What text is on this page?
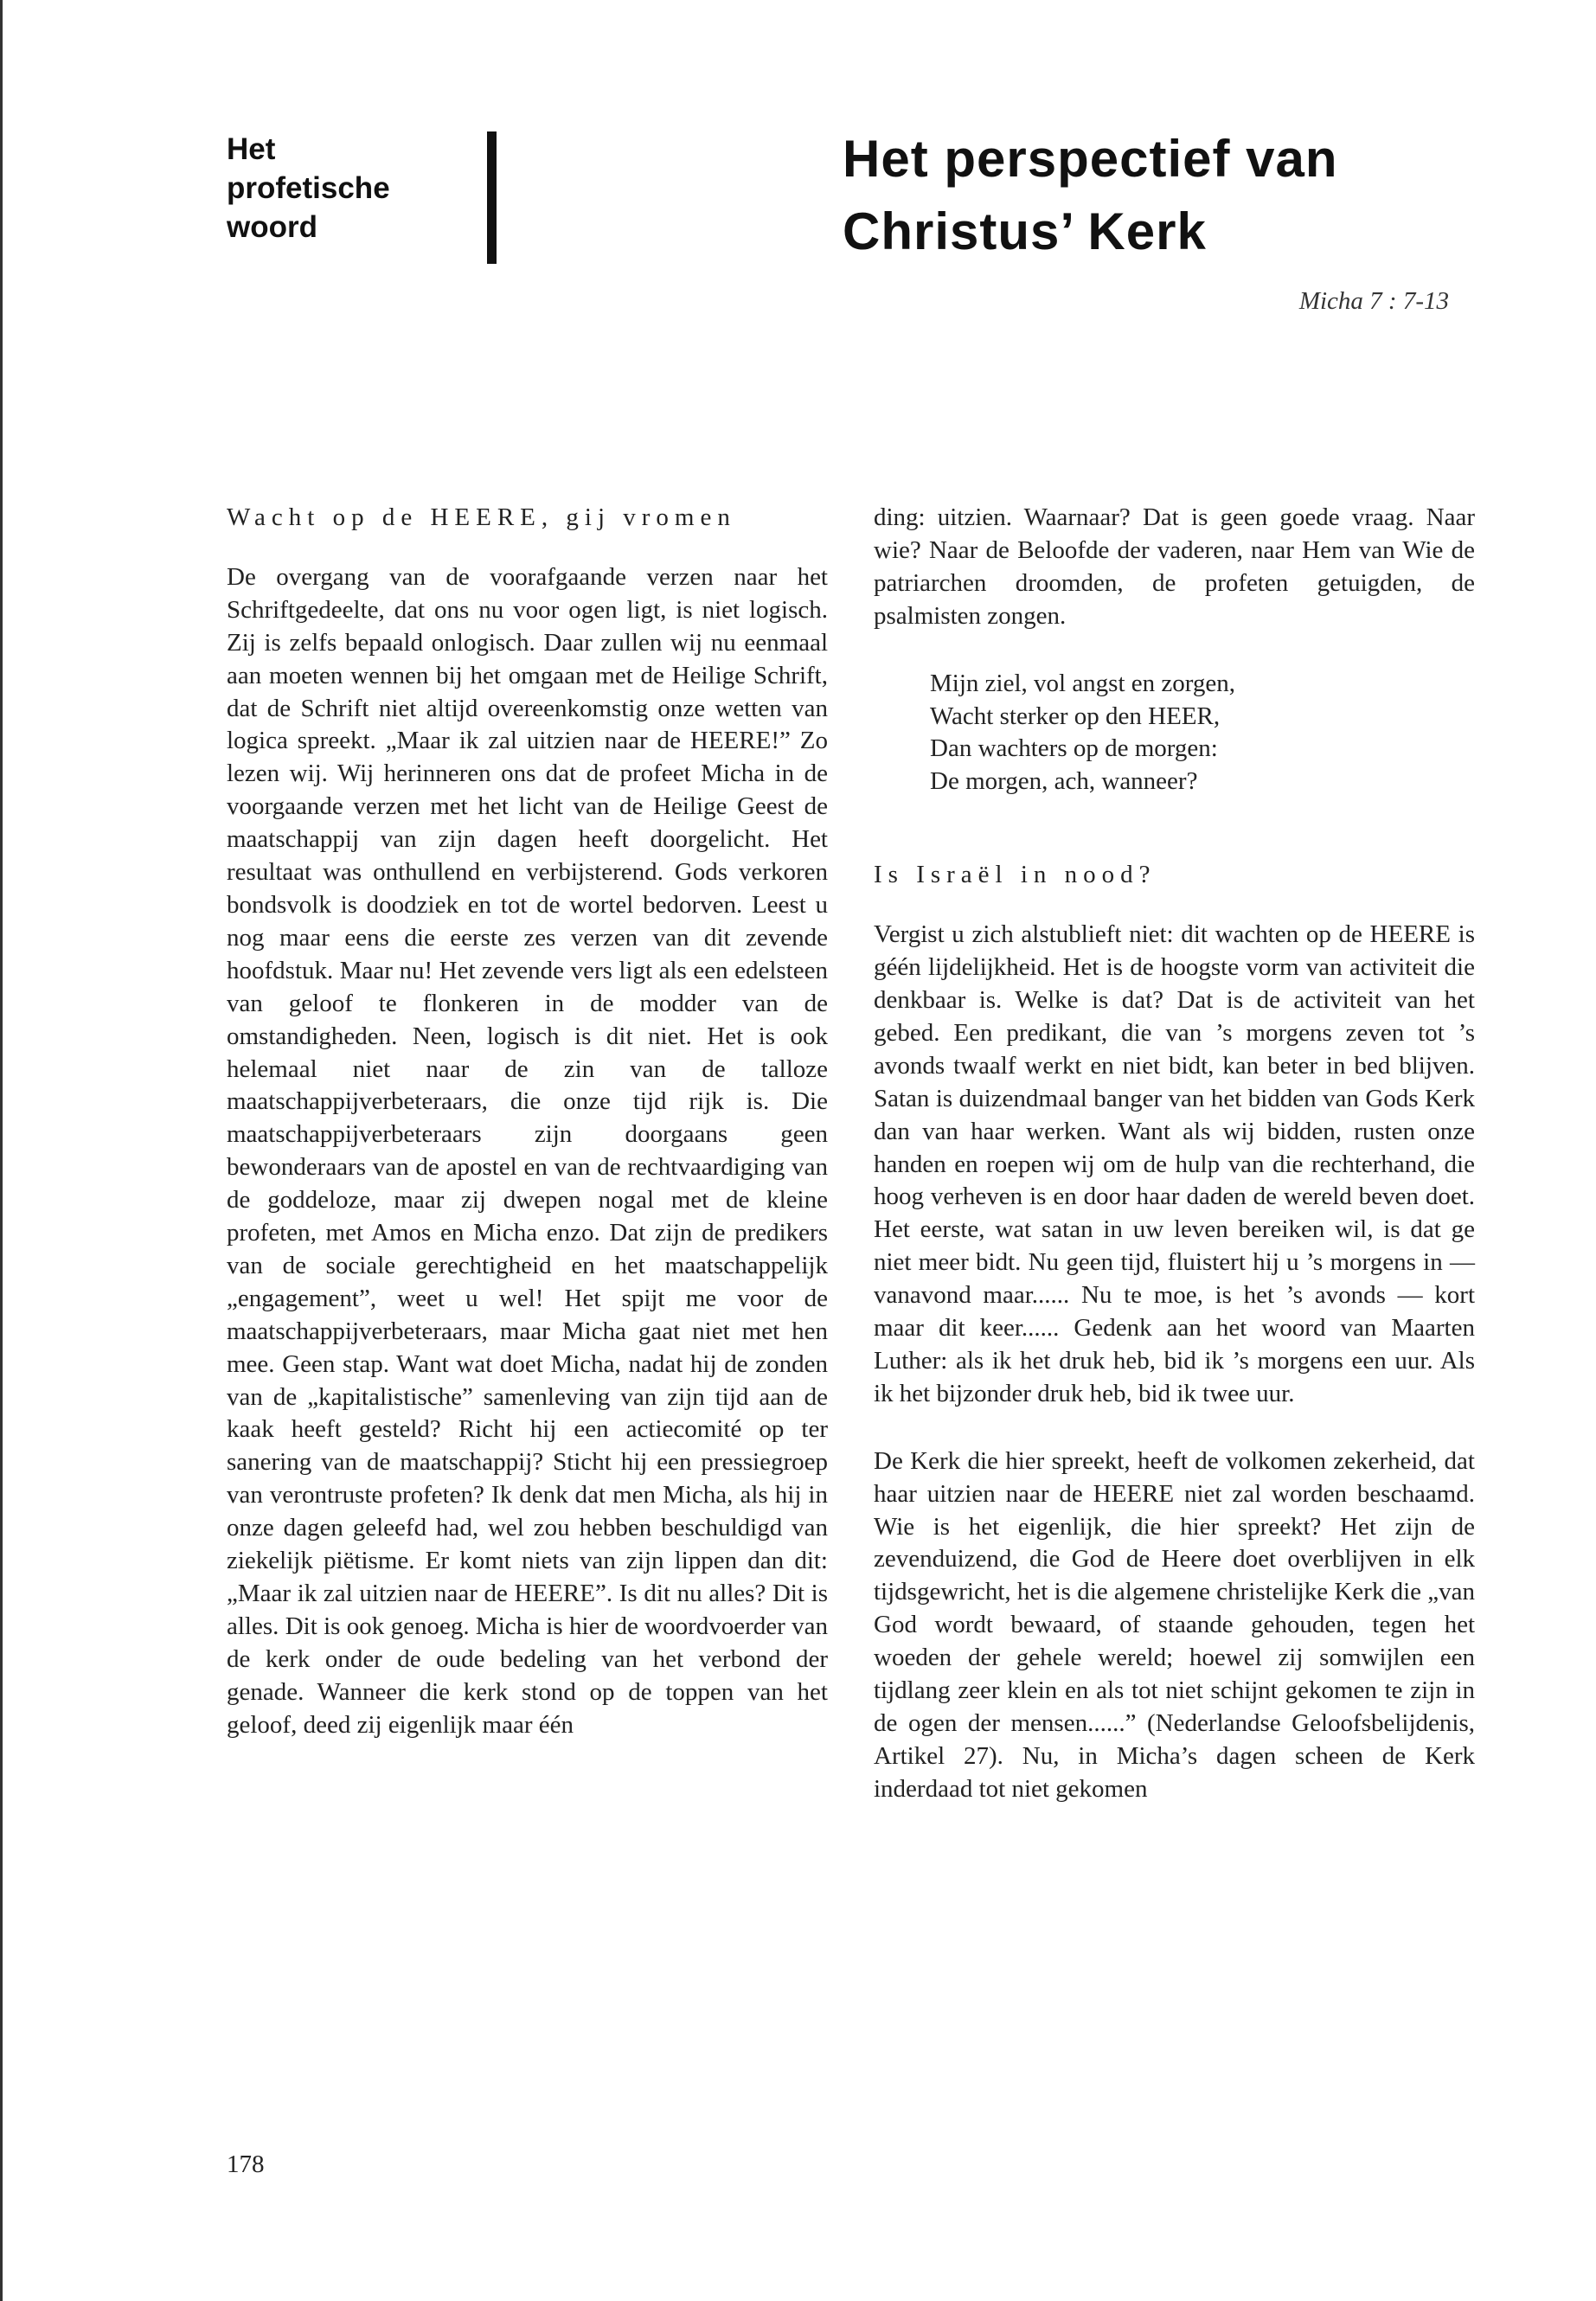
Het
profetische
woord
Het perspectief van
Christus’ Kerk
Micha 7 : 7-13
Wacht op de HEERE, gij vromen

De overgang van de voorafgaande verzen naar het Schriftgedeelte, dat ons nu voor ogen ligt, is niet logisch. Zij is zelfs bepaald onlogisch. Daar zullen wij nu eenmaal aan moeten wennen bij het omgaan met de Heilige Schrift, dat de Schrift niet altijd overeenkomstig onze wetten van logica spreekt. „Maar ik zal uitzien naar de HEERE!” Zo lezen wij. Wij herinneren ons dat de profeet Micha in de voorgaande verzen met het licht van de Heilige Geest de maatschappij van zijn dagen heeft doorgelicht. Het resultaat was onthullend en verbijsterend. Gods verkoren bondsvolk is doodziek en tot de wortel bedorven. Leest u nog maar eens die eerste zes verzen van dit zevende hoofdstuk. Maar nu! Het zevende vers ligt als een edelsteen van geloof te flonkeren in de modder van de omstandigheden. Neen, logisch is dit niet. Het is ook helemaal niet naar de zin van de talloze maatschappijverbeteraars, die onze tijd rijk is. Die maatschappijverbeteraars zijn doorgaans geen bewonderaars van de apostel en van de rechtvaardiging van de goddeloze, maar zij dwepen nogal met de kleine profeten, met Amos en Micha enzo. Dat zijn de predikers van de sociale gerechtigheid en het maatschappelijk „engagement”, weet u wel! Het spijt me voor de maatschappijverbeteraars, maar Micha gaat niet met hen mee. Geen stap. Want wat doet Micha, nadat hij de zonden van de „kapitalistische” samenleving van zijn tijd aan de kaak heeft gesteld? Richt hij een actiecomité op ter sanering van de maatschappij? Sticht hij een pressiegroep van verontruste profeten? Ik denk dat men Micha, als hij in onze dagen geleefd had, wel zou hebben beschuldigd van ziekelijk piëtisme. Er komt niets van zijn lippen dan dit: „Maar ik zal uitzien naar de HEERE”. Is dit nu alles? Dit is alles. Dit is ook genoeg. Micha is hier de woordvoerder van de kerk onder de oude bedeling van het verbond der genade. Wanneer die kerk stond op de toppen van het geloof, deed zij eigenlijk maar één

ding: uitzien. Waarnaar? Dat is geen goede vraag. Naar wie? Naar de Beloofde der vaderen, naar Hem van Wie de patriarchen droomden, de profeten getuigden, de psalmisten zongen.

Mijn ziel, vol angst en zorgen,
Wacht sterker op den HEER,
Dan wachters op de morgen:
De morgen, ach, wanneer?
Is Israël in nood?

Vergist u zich alstublieft niet: dit wachten op de HEERE is géén lijdelijkheid. Het is de hoogste vorm van activiteit die denkbaar is. Welke is dat? Dat is de activiteit van het gebed. Een predikant, die van ’s morgens zeven tot ’s avonds twaalf werkt en niet bidt, kan beter in bed blijven. Satan is duizendmaal banger van het bidden van Gods Kerk dan van haar werken. Want als wij bidden, rusten onze handen en roepen wij om de hulp van die rechterhand, die hoog verheven is en door haar daden de wereld beven doet. Het eerste, wat satan in uw leven bereiken wil, is dat ge niet meer bidt. Nu geen tijd, fluistert hij u ’s morgens in — vanavond maar...... Nu te moe, is het ’s avonds — kort maar dit keer...... Gedenk aan het woord van Maarten Luther: als ik het druk heb, bid ik ’s morgens een uur. Als ik het bijzonder druk heb, bid ik twee uur.

De Kerk die hier spreekt, heeft de volkomen zekerheid, dat haar uitzien naar de HEERE niet zal worden beschaamd. Wie is het eigenlijk, die hier spreekt? Het zijn de zevenduizend, die God de Heere doet overblijven in elk tijdsgewricht, het is die algemene christelijke Kerk die „van God wordt bewaard, of staande gehouden, tegen het woeden der gehele wereld; hoewel zij somwijlen een tijdlang zeer klein en als tot niet schijnt gekomen te zijn in de ogen der mensen......” (Nederlandse Geloofsbelijdenis, Artikel 27). Nu, in Micha’s dagen scheen de Kerk inderdaad tot niet gekomen

178
